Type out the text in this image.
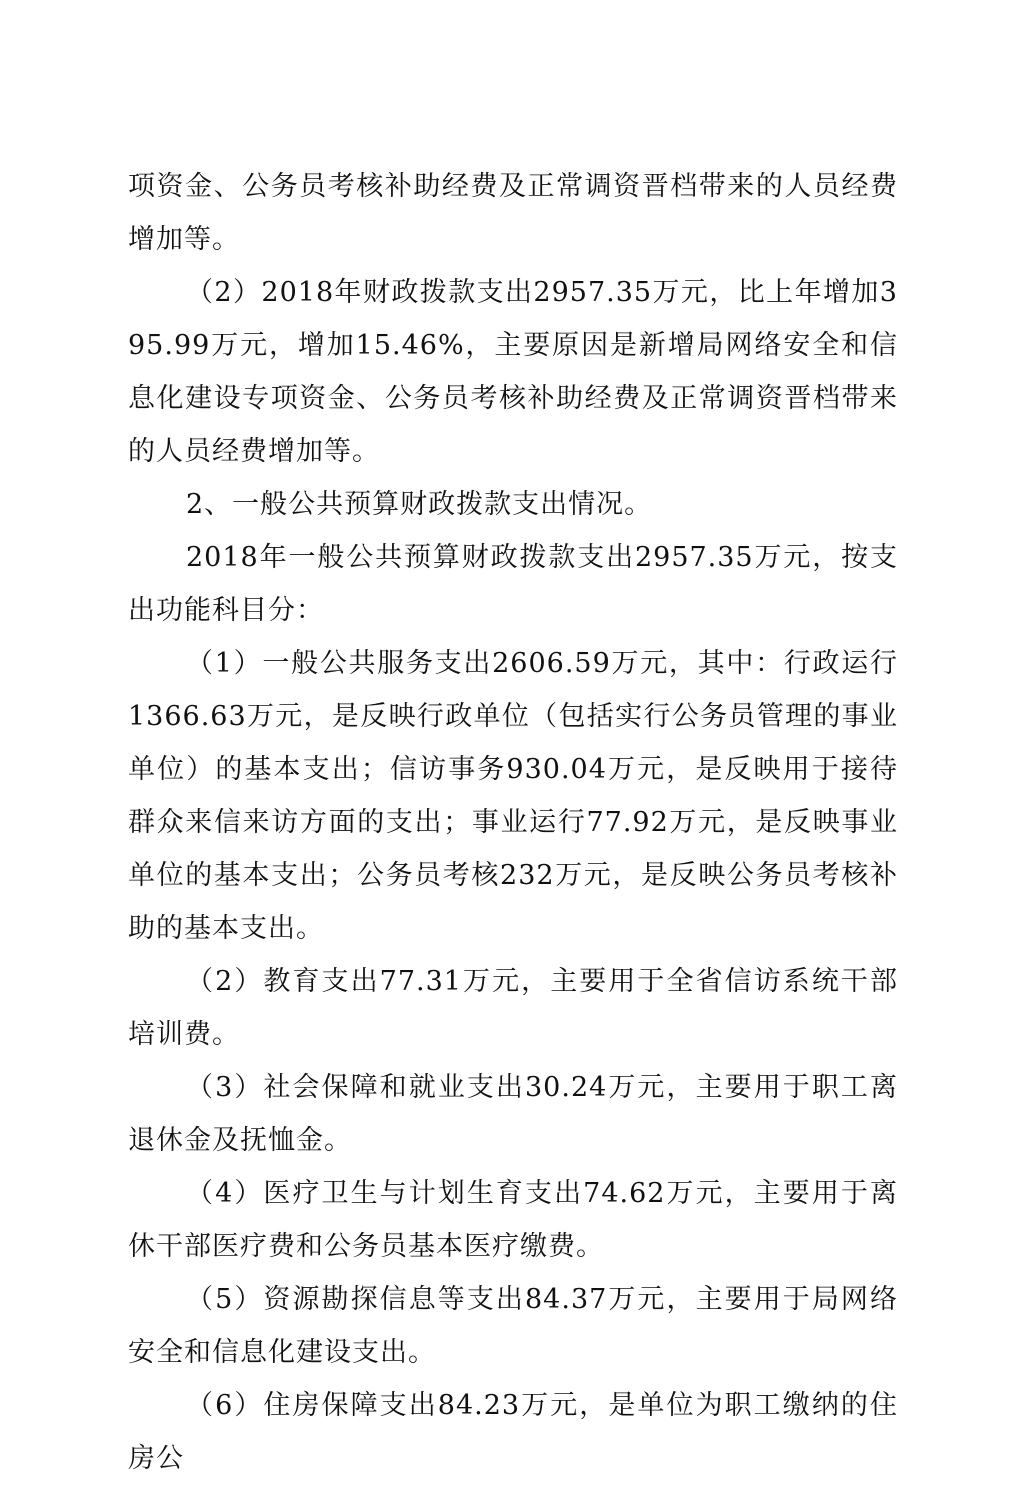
项资金、公务员考核补助经费及正常调资晋档带来的人员经费增加等。

（2）2018年财政拨款支出2957.35万元，比上年增加395.99万元，增加15.46%，主要原因是新增局网络安全和信息化建设专项资金、公务员考核补助经费及正常调资晋档带来的人员经费增加等。

2、一般公共预算财政拨款支出情况。

2018年一般公共预算财政拨款支出2957.35万元，按支出功能科目分：

（1）一般公共服务支出2606.59万元，其中：行政运行1366.63万元，是反映行政单位（包括实行公务员管理的事业单位）的基本支出；信访事务930.04万元，是反映用于接待群众来信来访方面的支出；事业运行77.92万元，是反映事业单位的基本支出；公务员考核232万元，是反映公务员考核补助的基本支出。

（2）教育支出77.31万元，主要用于全省信访系统干部培训费。

（3）社会保障和就业支出30.24万元，主要用于职工离退休金及抚恤金。

（4）医疗卫生与计划生育支出74.62万元，主要用于离休干部医疗费和公务员基本医疗缴费。

（5）资源勘探信息等支出84.37万元，主要用于局网络安全和信息化建设支出。

（6）住房保障支出84.23万元，是单位为职工缴纳的住房公
